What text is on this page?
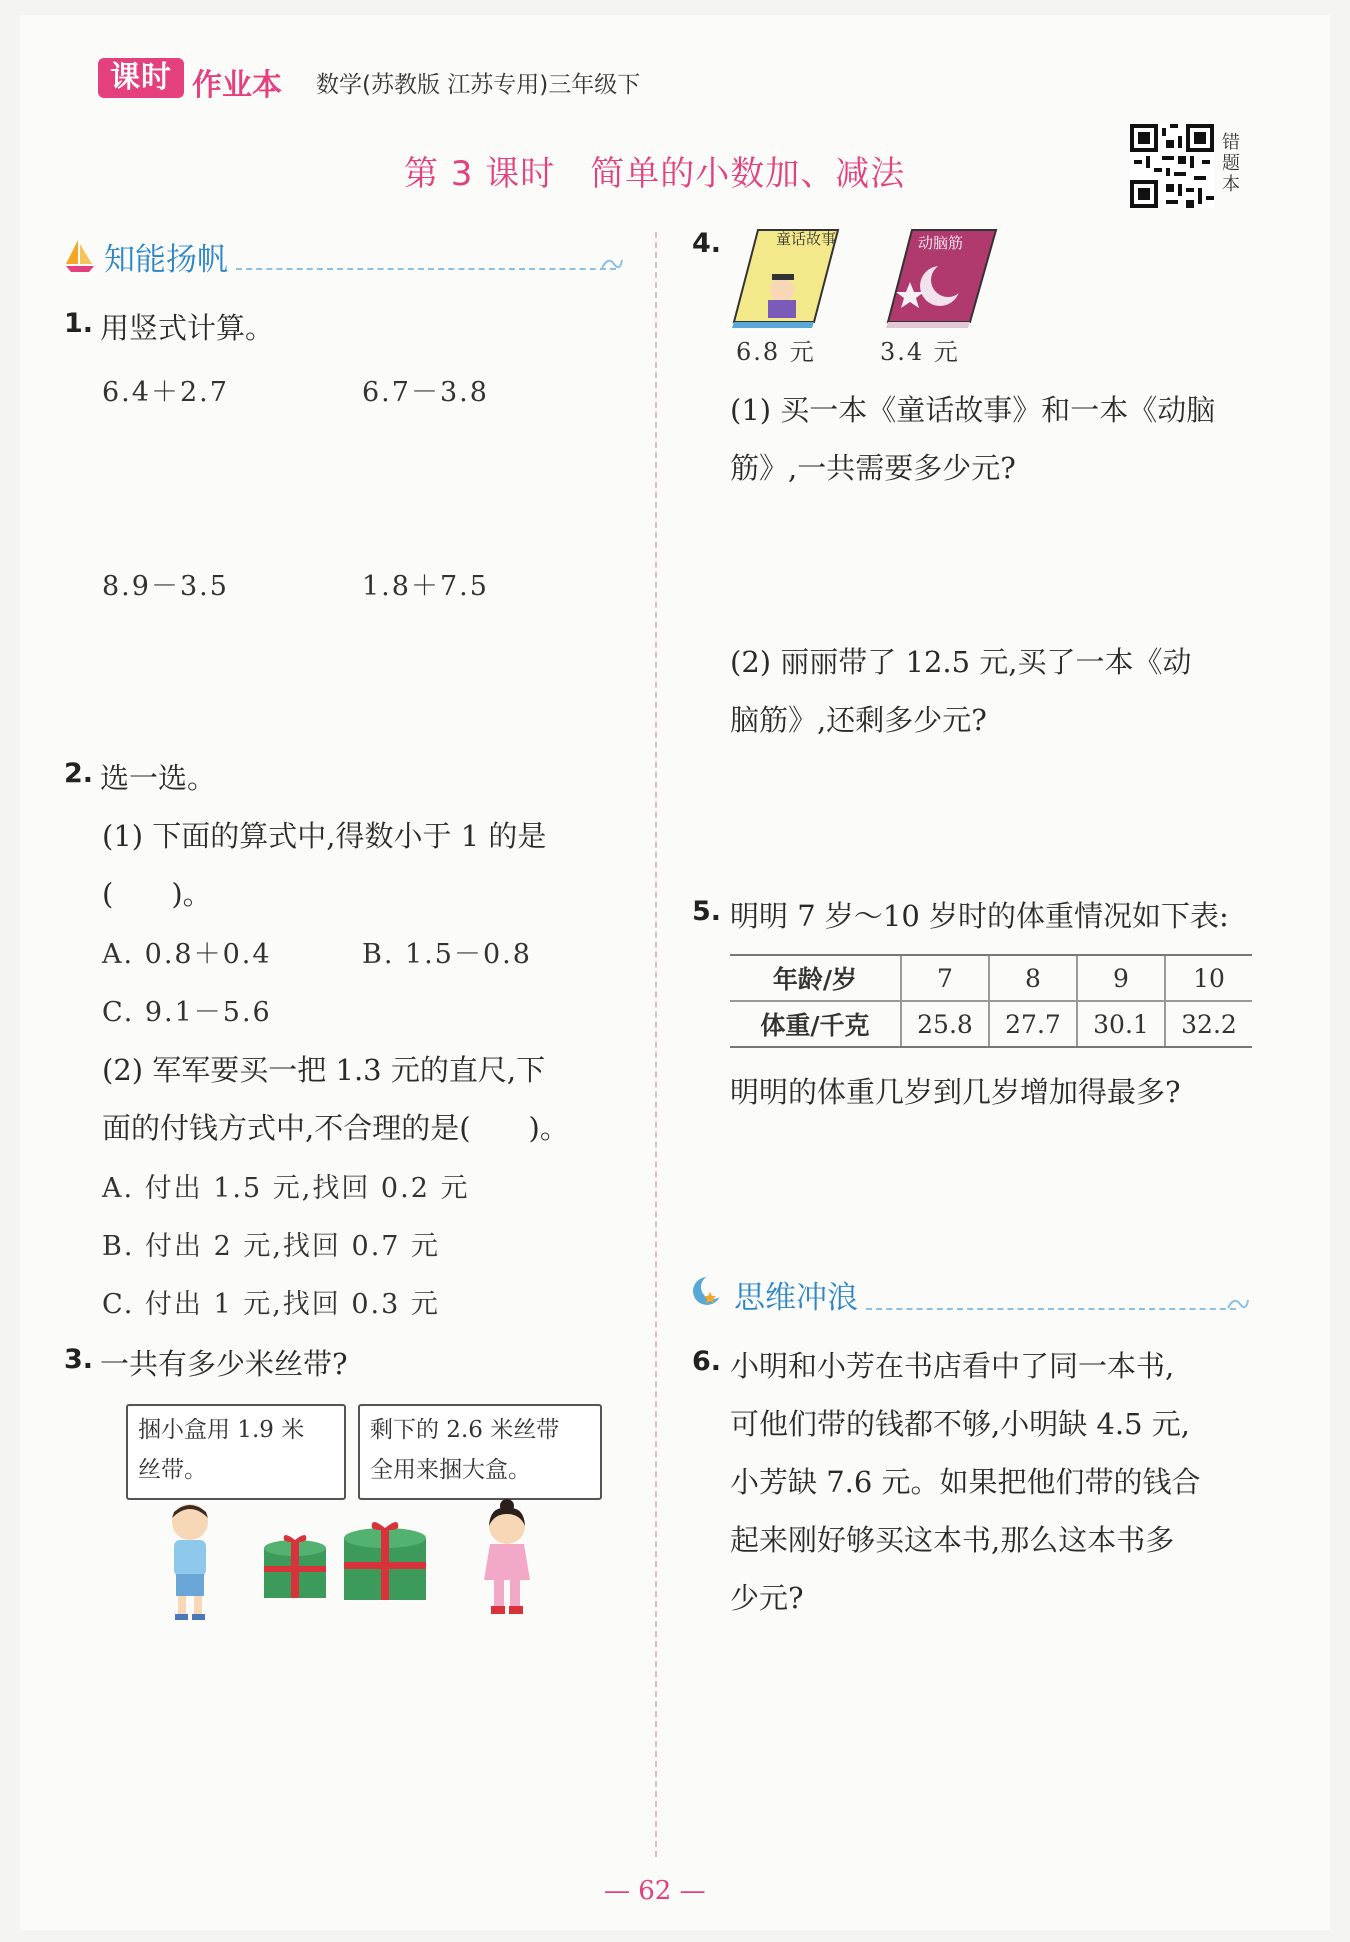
课时 作业本 数学(苏教版 江苏专用)三年级下
第 3 课时　简单的小数加、减法
错题本
知能扬帆
1. 用竖式计算。
6.4＋2.7	6.7－3.8
8.9－3.5	1.8＋7.5
2. 选一选。
(1) 下面的算式中,得数小于 1 的是
(　　)。
A. 0.8＋0.4	B. 1.5－0.8
C. 9.1－5.6
(2) 军军要买一把 1.3 元的直尺,下
面的付钱方式中,不合理的是(　　)。
A. 付出 1.5 元,找回 0.2 元
B. 付出 2 元,找回 0.7 元
C. 付出 1 元,找回 0.3 元
3. 一共有多少米丝带?
捆小盒用 1.9 米
丝带。
剩下的 2.6 米丝带
全用来捆大盒。
4.	童话故事	动脑筋
6.8 元	3.4 元
(1) 买一本《童话故事》和一本《动脑
筋》,一共需要多少元?
(2) 丽丽带了 12.5 元,买了一本《动
脑筋》,还剩多少元?
5. 明明 7 岁～10 岁时的体重情况如下表:
年龄/岁	7	8	9	10
体重/千克	25.8	27.7	30.1	32.2
明明的体重几岁到几岁增加得最多?
思维冲浪
6. 小明和小芳在书店看中了同一本书,
可他们带的钱都不够,小明缺 4.5 元,
小芳缺 7.6 元。如果把他们带的钱合
起来刚好够买这本书,那么这本书多
少元?
— 62 —
